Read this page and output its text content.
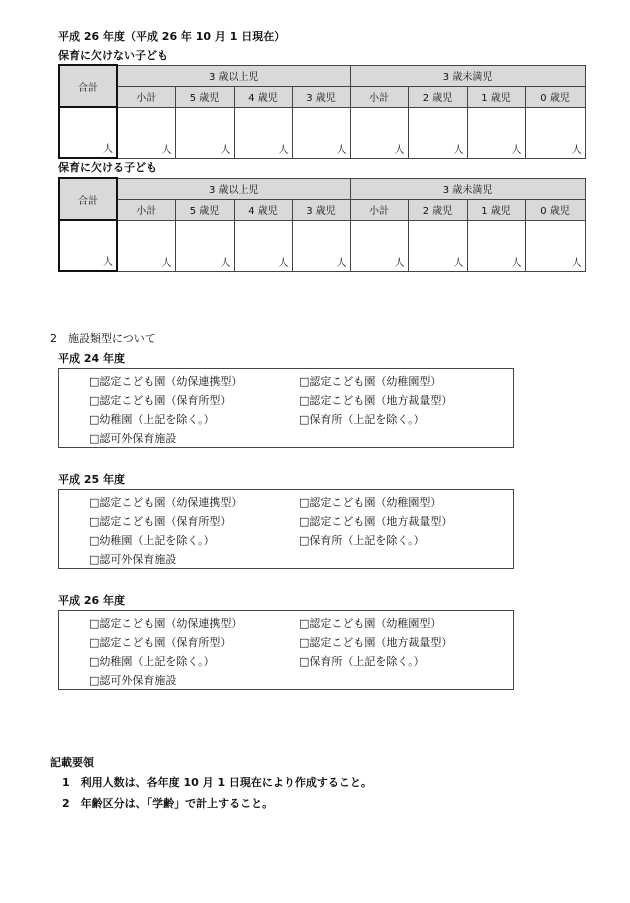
平成 26 年度（平成 26 年 10 月 1 日現在）
保育に欠けない子ども
合計	3 歳以上児				3 歳未満児			
	小計	5 歳児	4 歳児	3 歳児	小計	2 歳児	1 歳児	0 歳児
人	人	人	人	人	人	人	人	人
保育に欠ける子ども
合計	3 歳以上児				3 歳未満児			
	小計	5 歳児	4 歳児	3 歳児	小計	2 歳児	1 歳児	0 歳児
人	人	人	人	人	人	人	人	人
2　施設類型について
平成 24 年度
□認定こども園（幼保連携型）	□認定こども園（幼稚園型）
□認定こども園（保育所型）	□認定こども園（地方裁量型）
□幼稚園（上記を除く。）	□保育所（上記を除く。）
□認可外保育施設
平成 25 年度
□認定こども園（幼保連携型）	□認定こども園（幼稚園型）
□認定こども園（保育所型）	□認定こども園（地方裁量型）
□幼稚園（上記を除く。）	□保育所（上記を除く。）
□認可外保育施設
平成 26 年度
□認定こども園（幼保連携型）	□認定こども園（幼稚園型）
□認定こども園（保育所型）	□認定こども園（地方裁量型）
□幼稚園（上記を除く。）	□保育所（上記を除く。）
□認可外保育施設
記載要領
1　利用人数は、各年度 10 月 1 日現在により作成すること。
2　年齢区分は、「学齢」で計上すること。
